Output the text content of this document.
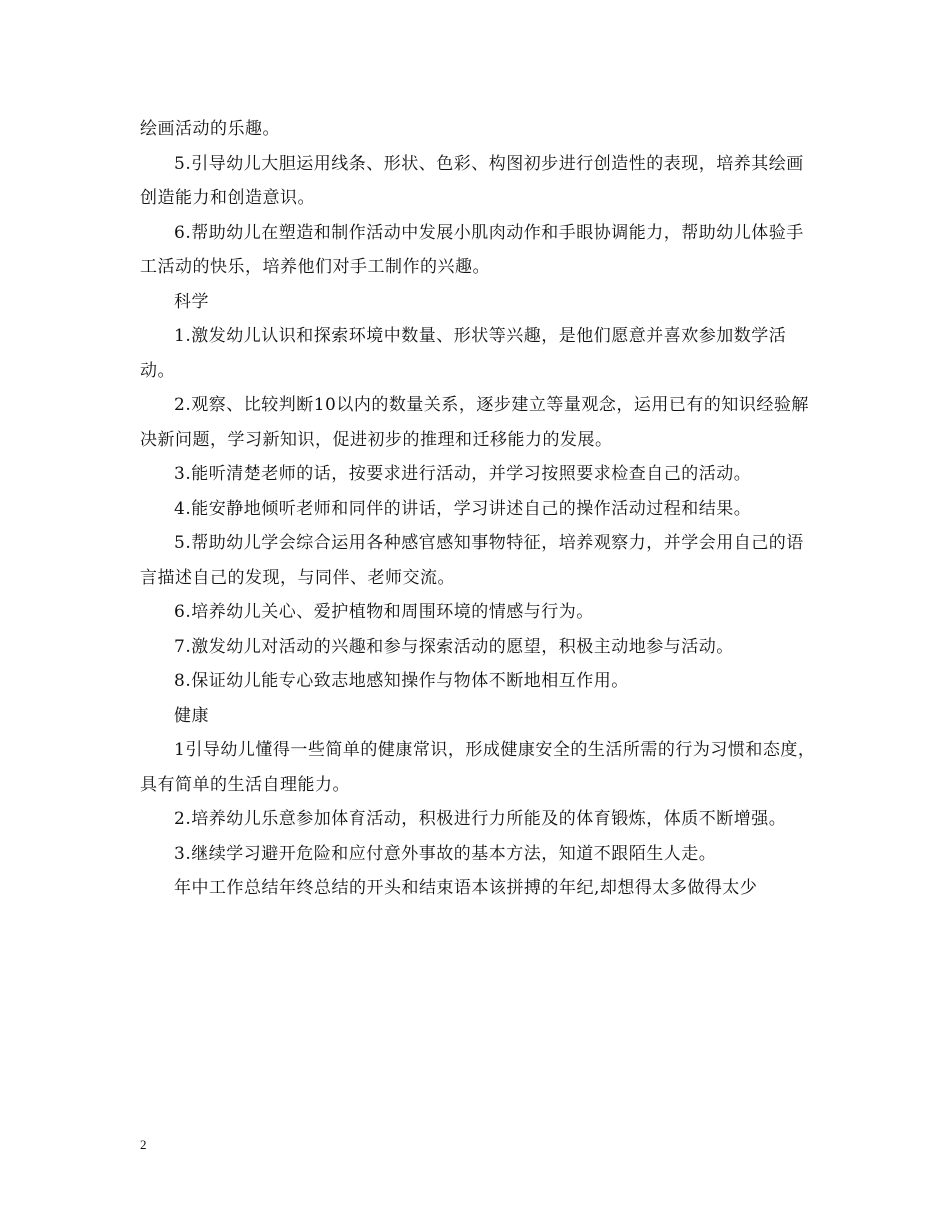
绘画活动的乐趣。

5.引导幼儿大胆运用线条、形状、色彩、构图初步进行创造性的表现，培养其绘画创造能力和创造意识。

6.帮助幼儿在塑造和制作活动中发展小肌肉动作和手眼协调能力，帮助幼儿体验手工活动的快乐，培养他们对手工制作的兴趣。

科学

1.激发幼儿认识和探索环境中数量、形状等兴趣，是他们愿意并喜欢参加数学活动。

2.观察、比较判断10以内的数量关系，逐步建立等量观念，运用已有的知识经验解决新问题，学习新知识，促进初步的推理和迁移能力的发展。

3.能听清楚老师的话，按要求进行活动，并学习按照要求检查自己的活动。

4.能安静地倾听老师和同伴的讲话，学习讲述自己的操作活动过程和结果。

5.帮助幼儿学会综合运用各种感官感知事物特征，培养观察力，并学会用自己的语言描述自己的发现，与同伴、老师交流。

6.培养幼儿关心、爱护植物和周围环境的情感与行为。

7.激发幼儿对活动的兴趣和参与探索活动的愿望，积极主动地参与活动。

8.保证幼儿能专心致志地感知操作与物体不断地相互作用。

健康

1引导幼儿懂得一些简单的健康常识，形成健康安全的生活所需的行为习惯和态度，具有简单的生活自理能力。

2.培养幼儿乐意参加体育活动，积极进行力所能及的体育锻炼，体质不断增强。

3.继续学习避开危险和应付意外事故的基本方法，知道不跟陌生人走。

年中工作总结年终总结的开头和结束语本该拼搏的年纪,却想得太多做得太少

2
